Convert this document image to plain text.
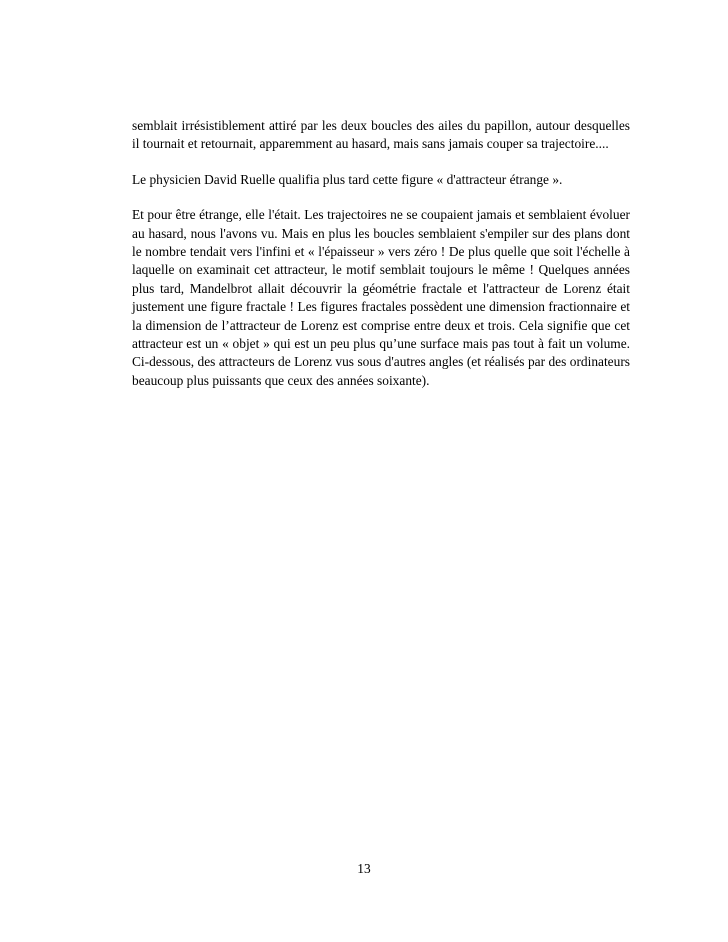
semblait irrésistiblement attiré par les deux boucles des ailes du papillon, autour desquelles il tournait et retournait, apparemment au hasard, mais sans jamais couper sa trajectoire....

Le physicien David Ruelle qualifia plus tard cette figure « d'attracteur étrange ».

Et pour être étrange, elle l'était. Les trajectoires ne se coupaient jamais et semblaient évoluer au hasard, nous l'avons vu. Mais en plus les boucles semblaient s'empiler sur des plans dont le nombre tendait vers l'infini et « l'épaisseur » vers zéro ! De plus quelle que soit l'échelle à laquelle on examinait cet attracteur, le motif semblait toujours le même ! Quelques années plus tard, Mandelbrot allait découvrir la géométrie fractale et l'attracteur de Lorenz était justement une figure fractale ! Les figures fractales possèdent une dimension fractionnaire et la dimension de l’attracteur de Lorenz est comprise entre deux et trois. Cela signifie que cet attracteur est un « objet » qui est un peu plus qu’une surface mais pas tout à fait un volume. Ci-dessous, des attracteurs de Lorenz vus sous d'autres angles (et réalisés par des ordinateurs beaucoup plus puissants que ceux des années soixante).

13
